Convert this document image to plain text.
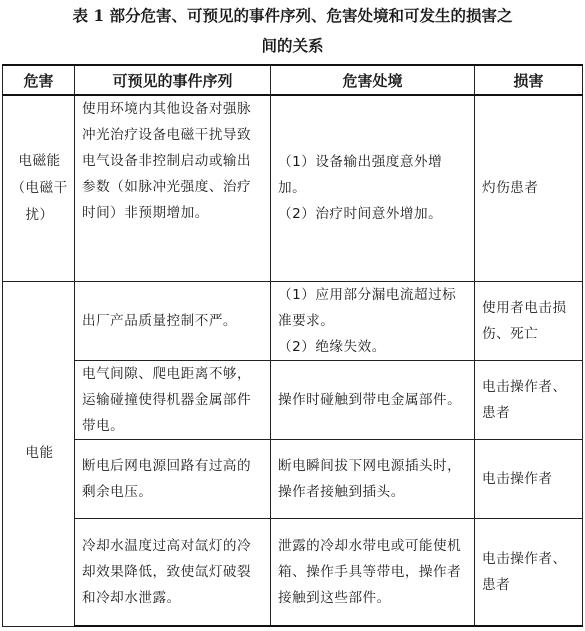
表 1 部分危害、可预见的事件序列、危害处境和可发生的损害之
间的关系
危害	可预见的事件序列	危害处境	损害

电磁能（电磁干扰）	使用环境内其他设备对强脉冲光治疗设备电磁干扰导致电气设备非控制启动或输出参数（如脉冲光强度、治疗时间）非预期增加。	（1）设备输出强度意外增加。
（2）治疗时间意外增加。	灼伤患者

电能	出厂产品质量控制不严。	（1）应用部分漏电流超过标准要求。
（2）绝缘失效。	使用者电击损伤、死亡

	电气间隙、爬电距离不够，运输碰撞使得机器金属部件带电。	操作时碰触到带电金属部件。	电击操作者、患者

	断电后网电源回路有过高的剩余电压。	断电瞬间拔下网电源插头时，操作者接触到插头。	电击操作者

	冷却水温度过高对氙灯的冷却效果降低，致使氙灯破裂和冷却水泄露。	泄露的冷却水带电或可能使机箱、操作手具等带电，操作者接触到这些部件。	电击操作者、患者
